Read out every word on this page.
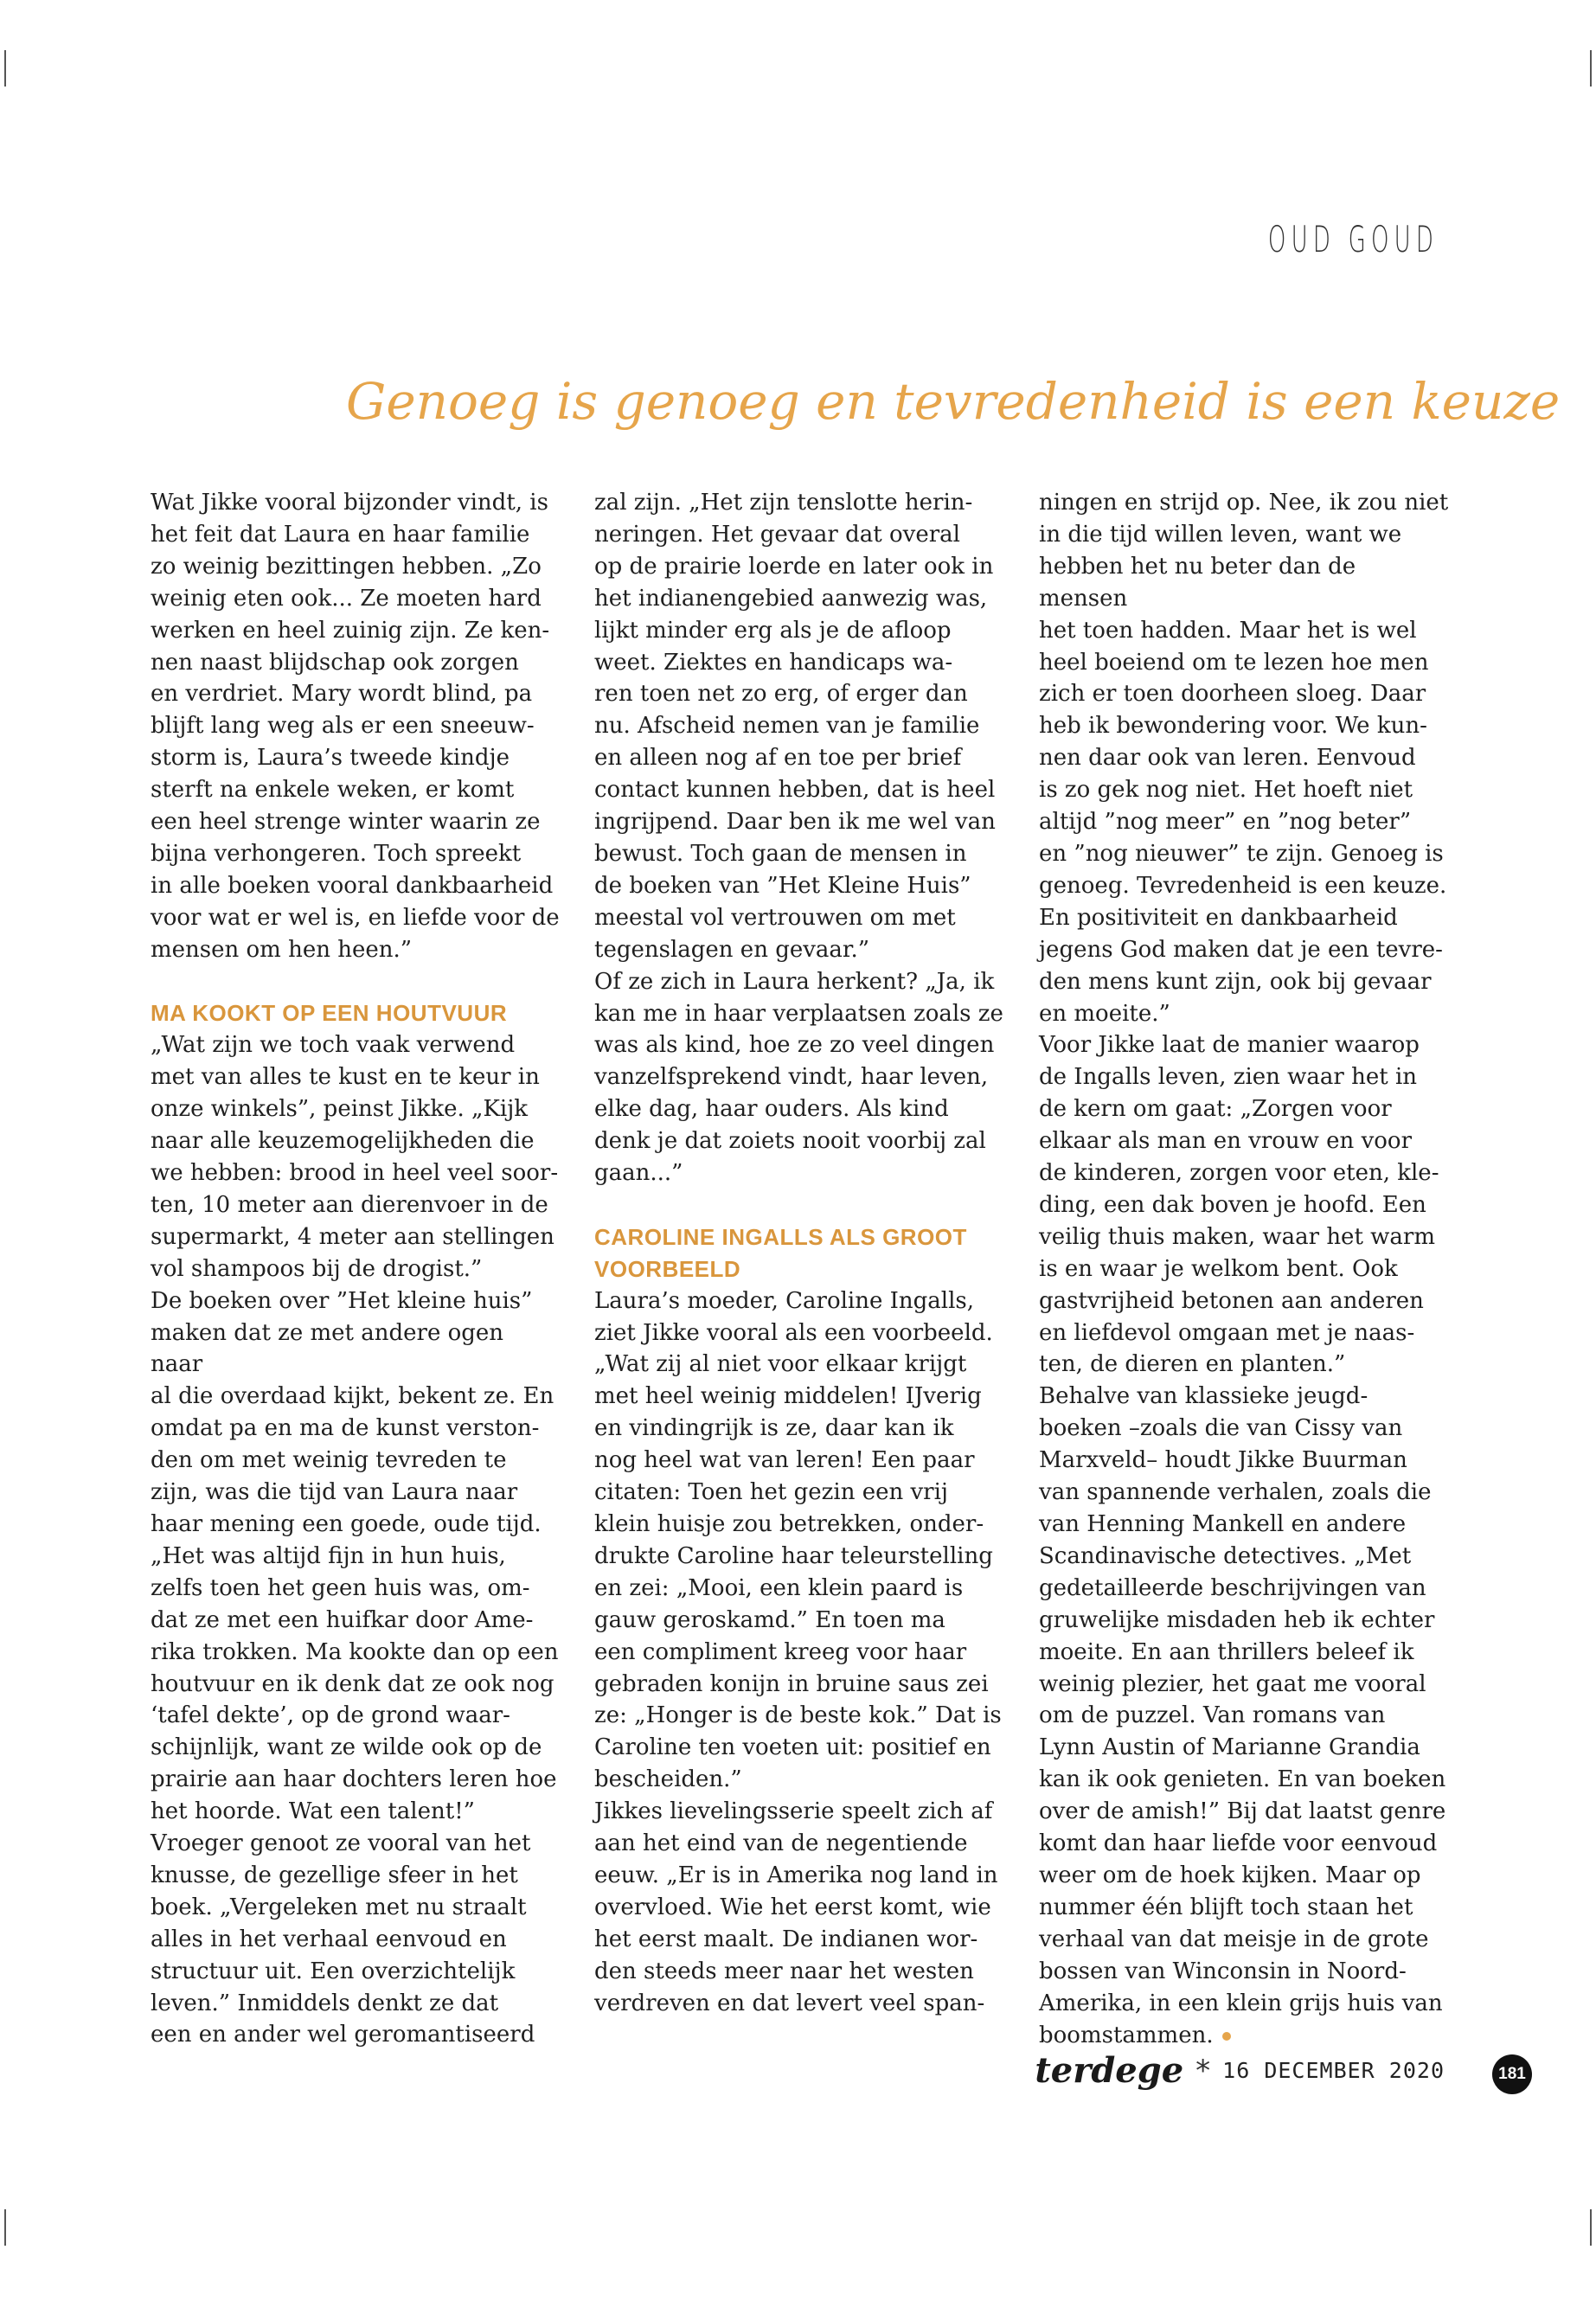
OUD GOUD
Genoeg is genoeg en tevredenheid is een keuze

Wat Jikke vooral bijzonder vindt, is
het feit dat Laura en haar familie
zo weinig bezittingen hebben. „Zo
weinig eten ook... Ze moeten hard
werken en heel zuinig zijn. Ze ken-
nen naast blijdschap ook zorgen
en verdriet. Mary wordt blind, pa
blijft lang weg als er een sneeuw-
storm is, Laura’s tweede kindje
sterft na enkele weken, er komt
een heel strenge winter waarin ze
bijna verhongeren. Toch spreekt
in alle boeken vooral dankbaarheid
voor wat er wel is, en liefde voor de
mensen om hen heen.”

MA KOOKT OP EEN HOUTVUUR

„Wat zijn we toch vaak verwend
met van alles te kust en te keur in
onze winkels”, peinst Jikke. „Kijk
naar alle keuzemogelijkheden die
we hebben: brood in heel veel soor-
ten, 10 meter aan dierenvoer in de
supermarkt, 4 meter aan stellingen
vol shampoos bij de drogist.”
De boeken over ”Het kleine huis”
maken dat ze met andere ogen naar
al die overdaad kijkt, bekent ze. En
omdat pa en ma de kunst verston-
den om met weinig tevreden te
zijn, was die tijd van Laura naar
haar mening een goede, oude tijd.
„Het was altijd fijn in hun huis,
zelfs toen het geen huis was, om-
dat ze met een huifkar door Ame-
rika trokken. Ma kookte dan op een
houtvuur en ik denk dat ze ook nog
‘tafel dekte’, op de grond waar-
schijnlijk, want ze wilde ook op de
prairie aan haar dochters leren hoe
het hoorde. Wat een talent!”
Vroeger genoot ze vooral van het
knusse, de gezellige sfeer in het
boek. „Vergeleken met nu straalt
alles in het verhaal eenvoud en
structuur uit. Een overzichtelijk
leven.” Inmiddels denkt ze dat
een en ander wel geromantiseerd

zal zijn. „Het zijn tenslotte herin-
neringen. Het gevaar dat overal
op de prairie loerde en later ook in
het indianengebied aanwezig was,
lijkt minder erg als je de afloop
weet. Ziektes en handicaps wa-
ren toen net zo erg, of erger dan
nu. Afscheid nemen van je familie
en alleen nog af en toe per brief
contact kunnen hebben, dat is heel
ingrijpend. Daar ben ik me wel van
bewust. Toch gaan de mensen in
de boeken van ”Het Kleine Huis”
meestal vol vertrouwen om met
tegenslagen en gevaar.”
Of ze zich in Laura herkent? „Ja, ik
kan me in haar verplaatsen zoals ze
was als kind, hoe ze zo veel dingen
vanzelfsprekend vindt, haar leven,
elke dag, haar ouders. Als kind
denk je dat zoiets nooit voorbij zal
gaan...”

CAROLINE INGALLS ALS GROOT
VOORBEELD

Laura’s moeder, Caroline Ingalls,
ziet Jikke vooral als een voorbeeld.
„Wat zij al niet voor elkaar krijgt
met heel weinig middelen! IJverig
en vindingrijk is ze, daar kan ik
nog heel wat van leren! Een paar
citaten: Toen het gezin een vrij
klein huisje zou betrekken, onder-
drukte Caroline haar teleurstelling
en zei: „Mooi, een klein paard is
gauw geroskamd.” En toen ma
een compliment kreeg voor haar
gebraden konijn in bruine saus zei
ze: „Honger is de beste kok.” Dat is
Caroline ten voeten uit: positief en
bescheiden.”
Jikkes lievelingsserie speelt zich af
aan het eind van de negentiende
eeuw. „Er is in Amerika nog land in
overvloed. Wie het eerst komt, wie
het eerst maalt. De indianen wor-
den steeds meer naar het westen
verdreven en dat levert veel span-

ningen en strijd op. Nee, ik zou niet
in die tijd willen leven, want we
hebben het nu beter dan de mensen
het toen hadden. Maar het is wel
heel boeiend om te lezen hoe men
zich er toen doorheen sloeg. Daar
heb ik bewondering voor. We kun-
nen daar ook van leren. Eenvoud
is zo gek nog niet. Het hoeft niet
altijd ”nog meer” en ”nog beter”
en ”nog nieuwer” te zijn. Genoeg is
genoeg. Tevredenheid is een keuze.
En positiviteit en dankbaarheid
jegens God maken dat je een tevre-
den mens kunt zijn, ook bij gevaar
en moeite.”
Voor Jikke laat de manier waarop
de Ingalls leven, zien waar het in
de kern om gaat: „Zorgen voor
elkaar als man en vrouw en voor
de kinderen, zorgen voor eten, kle-
ding, een dak boven je hoofd. Een
veilig thuis maken, waar het warm
is en waar je welkom bent. Ook
gastvrijheid betonen aan anderen
en liefdevol omgaan met je naas-
ten, de dieren en planten.”
Behalve van klassieke jeugd-
boeken –zoals die van Cissy van
Marxveld– houdt Jikke Buurman
van spannende verhalen, zoals die
van Henning Mankell en andere
Scandinavische detectives. „Met
gedetailleerde beschrijvingen van
gruwelijke misdaden heb ik echter
moeite. En aan thrillers beleef ik
weinig plezier, het gaat me vooral
om de puzzel. Van romans van
Lynn Austin of Marianne Grandia
kan ik ook genieten. En van boeken
over de amish!” Bij dat laatst genre
komt dan haar liefde voor eenvoud
weer om de hoek kijken. Maar op
nummer één blijft toch staan het
verhaal van dat meisje in de grote
bossen van Winconsin in Noord-
Amerika, in een klein grijs huis van
boomstammen.

terdege * 16 DECEMBER 2020	181
